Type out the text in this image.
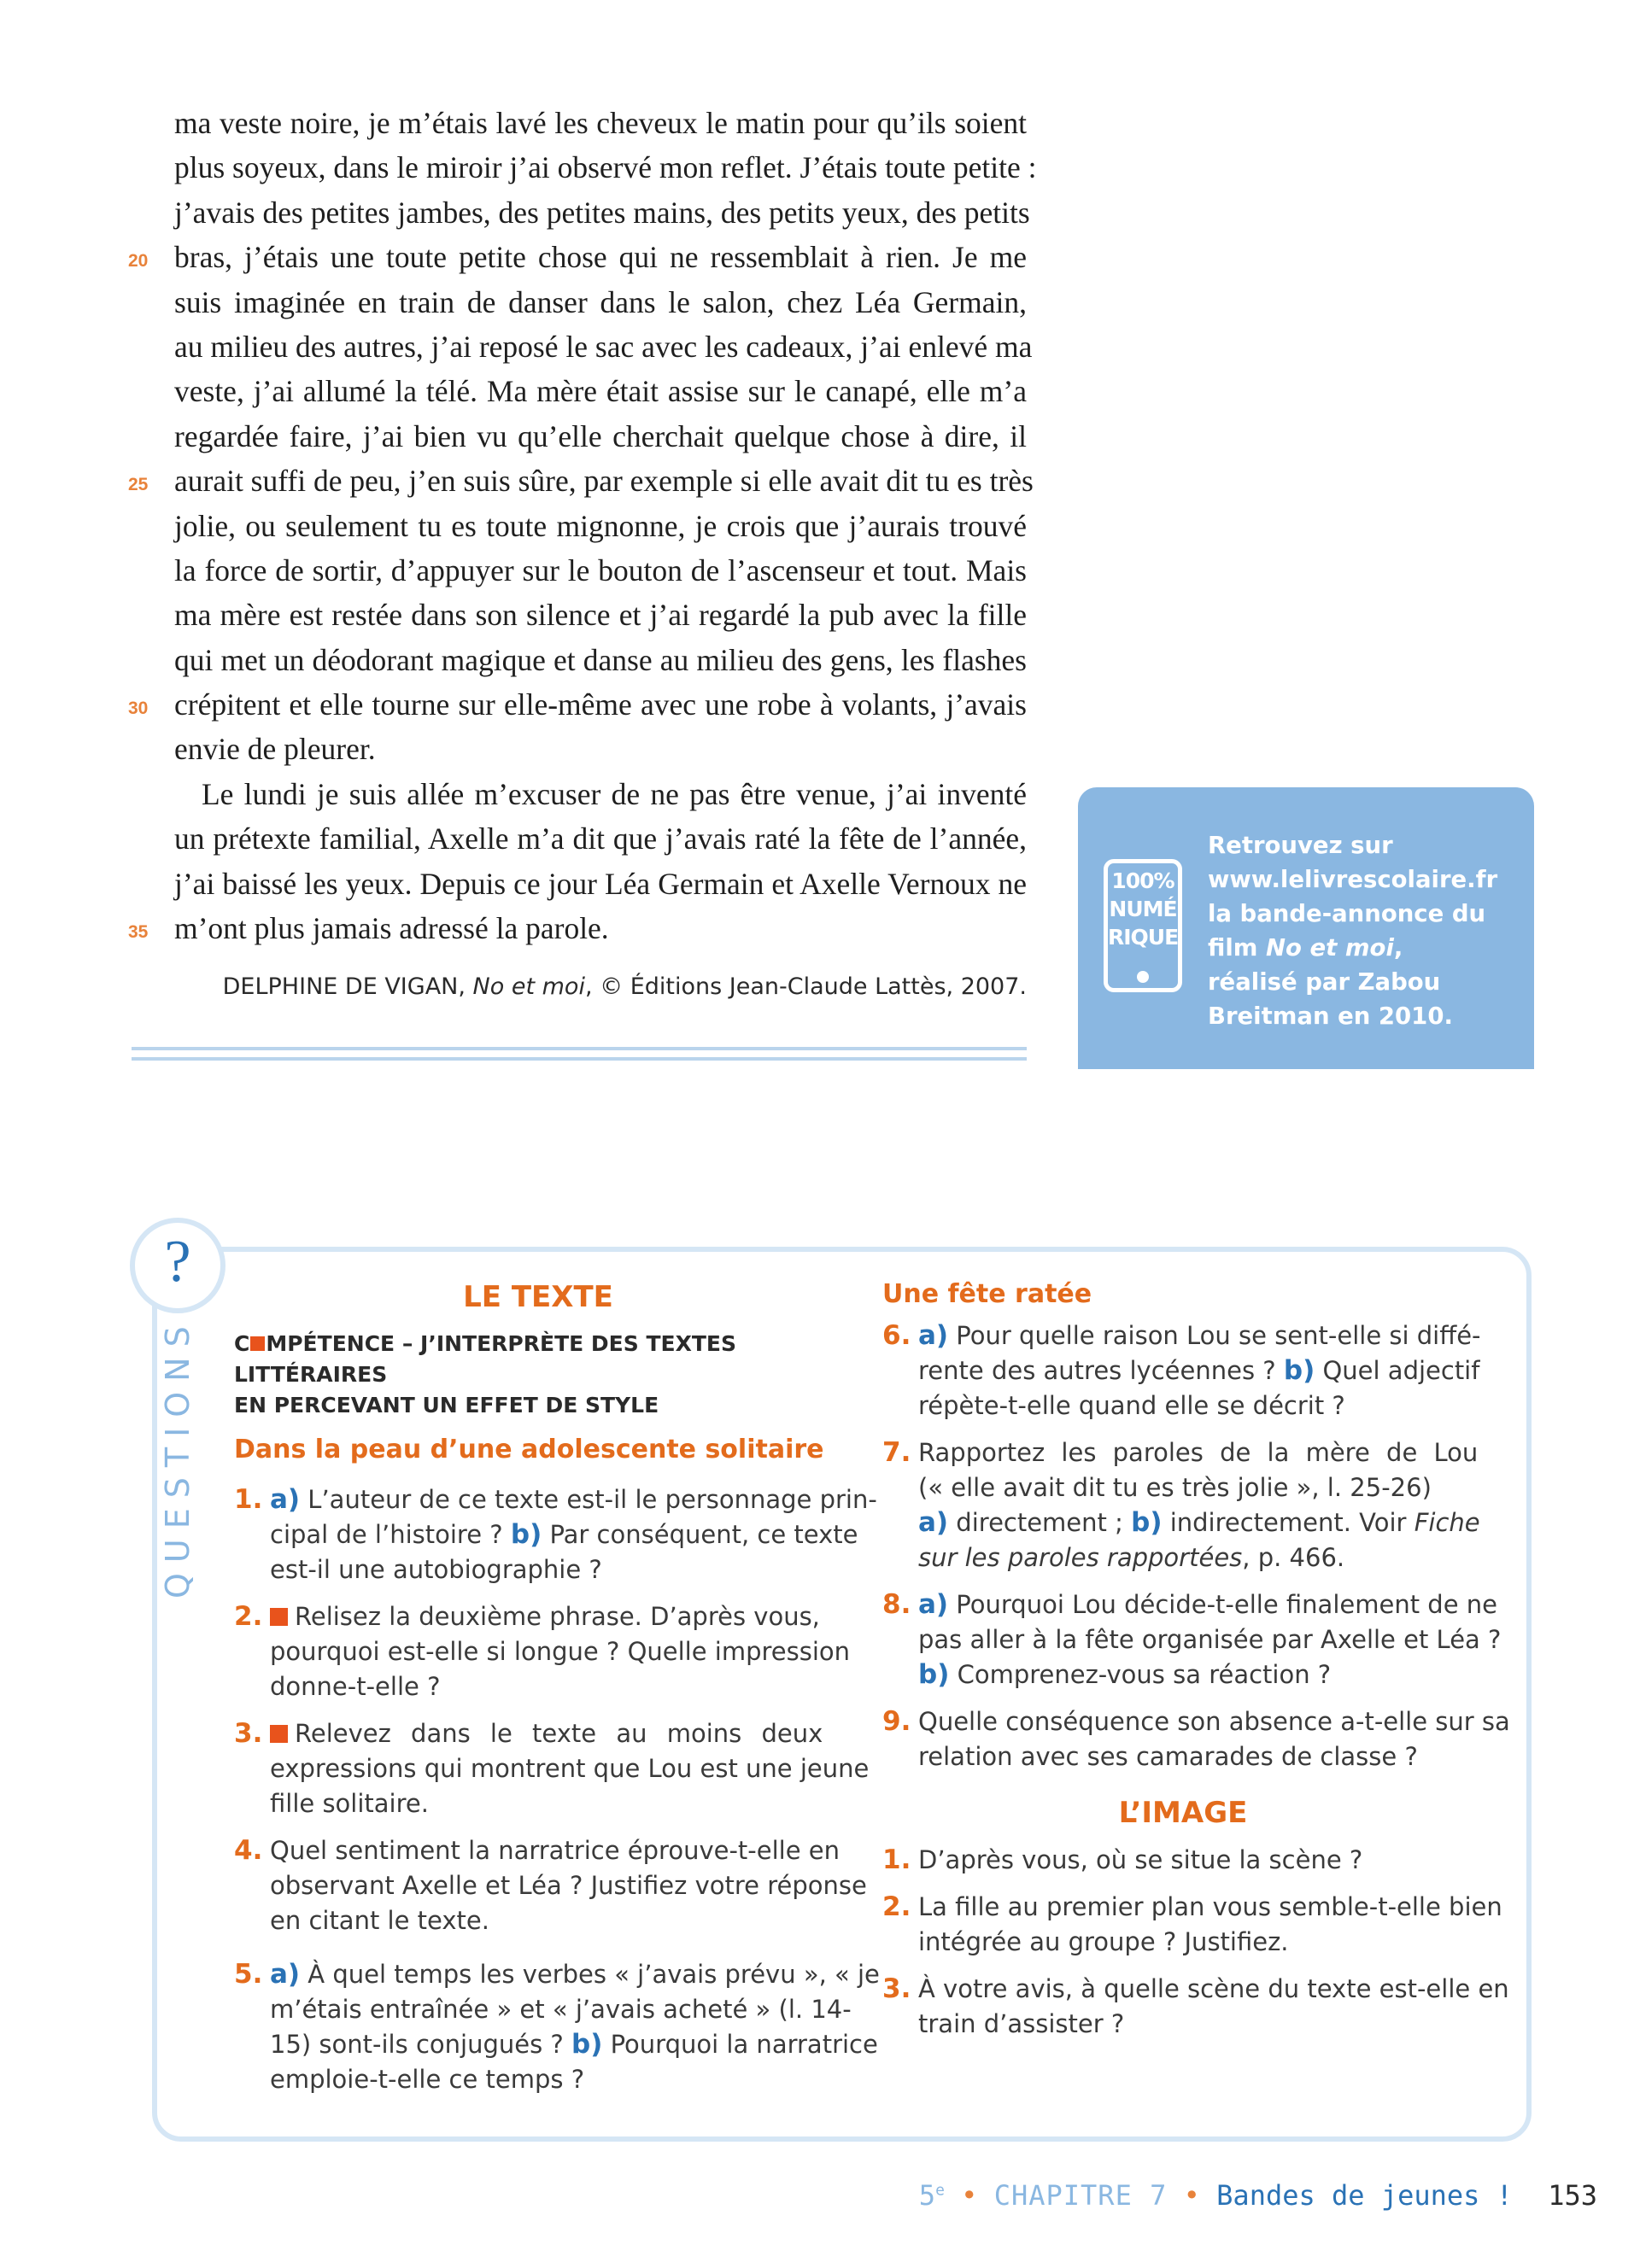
ma veste noire, je m’étais lavé les cheveux le matin pour qu’ils soient
plus soyeux, dans le miroir j’ai observé mon reflet. J’étais toute petite :
j’avais des petites jambes, des petites mains, des petits yeux, des petits
bras, j’étais une toute petite chose qui ne ressemblait à rien. Je me
suis imaginée en train de danser dans le salon, chez Léa Germain,
au milieu des autres, j’ai reposé le sac avec les cadeaux, j’ai enlevé ma
veste, j’ai allumé la télé. Ma mère était assise sur le canapé, elle m’a
regardée faire, j’ai bien vu qu’elle cherchait quelque chose à dire, il
aurait suffi de peu, j’en suis sûre, par exemple si elle avait dit tu es très
jolie, ou seulement tu es toute mignonne, je crois que j’aurais trouvé
la force de sortir, d’appuyer sur le bouton de l’ascenseur et tout. Mais
ma mère est restée dans son silence et j’ai regardé la pub avec la fille
qui met un déodorant magique et danse au milieu des gens, les flashes
crépitent et elle tourne sur elle-même avec une robe à volants, j’avais
envie de pleurer.
Le lundi je suis allée m’excuser de ne pas être venue, j’ai inventé
un prétexte familial, Axelle m’a dit que j’avais raté la fête de l’année,
j’ai baissé les yeux. Depuis ce jour Léa Germain et Axelle Vernoux ne
m’ont plus jamais adressé la parole.
20
25
30
35
DELPHINE DE VIGAN, No et moi, © Éditions Jean-Claude Lattès, 2007.
100%
NUMÉ
RIQUE
Retrouvez sur
www.lelivrescolaire.fr
la bande-annonce du
film No et moi,
réalisé par Zabou
Breitman en 2010.
?
QUESTIONS
LE TEXTE
C MPÉTENCE – J’INTERPRÈTE DES TEXTES LITTÉRAIRES
EN PERCEVANT UN EFFET DE STYLE
Dans la peau d’une adolescente solitaire
1. a) L’auteur de ce texte est-il le personnage prin-
cipal de l’histoire ? b) Par conséquent, ce texte
est-il une autobiographie ?
2.	Relisez la deuxième phrase. D’après vous,
pourquoi est-elle si longue ? Quelle impression
donne-t-elle ?
3.	Relevez dans le texte au moins deux
expressions qui montrent que Lou est une jeune
fille solitaire.
4. Quel sentiment la narratrice éprouve-t-elle en
observant Axelle et Léa ? Justifiez votre réponse
en citant le texte.
5. a) À quel temps les verbes « j’avais prévu », « je
m’étais entraînée » et « j’avais acheté » (l. 14-
15) sont-ils conjugués ? b) Pourquoi la narratrice
emploie-t-elle ce temps ?
Une fête ratée
6. a) Pour quelle raison Lou se sent-elle si diffé-
rente des autres lycéennes ? b) Quel adjectif
répète-t-elle quand elle se décrit ?
7. Rapportez les paroles de la mère de Lou
(« elle avait dit tu es très jolie », l. 25-26)
a) directement ; b) indirectement. Voir Fiche
sur les paroles rapportées, p. 466.
8. a) Pourquoi Lou décide-t-elle finalement de ne
pas aller à la fête organisée par Axelle et Léa ?
b) Comprenez-vous sa réaction ?
9. Quelle conséquence son absence a-t-elle sur sa
relation avec ses camarades de classe ?
L’IMAGE
1. D’après vous, où se situe la scène ?
2. La fille au premier plan vous semble-t-elle bien
intégrée au groupe ? Justifiez.
3. À votre avis, à quelle scène du texte est-elle en
train d’assister ?
5e • CHAPITRE 7 • Bandes de jeunes ! 153
